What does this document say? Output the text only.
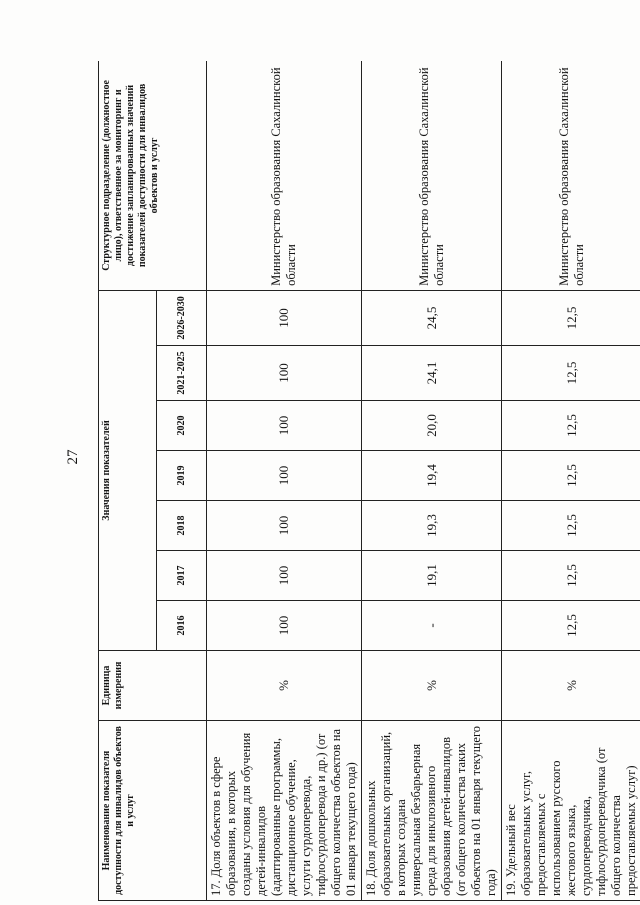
27
Наименование показателя доступности для инвалидов объектов и услуг	Единица измерения	Значения показателей							Структурное подразделение (должностное лицо), ответственное за мониторинг и достижение запланированных значений показателей доступности для инвалидов объектов и услуг
		2016	2017	2018	2019	2020	2021-2025	2026-2030	
17. Доля объектов в сфере образования, в которых созданы условия для обучения детей-инвалидов (адаптированные программы, дистанционное обучение, услуги сурдоперевода, тифлосурдоперевода и др.) (от общего количества объектов на 01 января текущего года)	%	100	100	100	100	100	100	100	Министерство образования Сахалинской области
18. Доля дошкольных образовательных организаций, в которых создана универсальная безбарьерная среда для инклюзивного образования детей-инвалидов (от общего количества таких объектов на 01 января текущего года)	%	-	19,1	19,3	19,4	20,0	24,1	24,5	Министерство образования Сахалинской области
19. Удельный вес образовательных услуг, предоставляемых с использованием русского жестового языка, сурдопереводчика, тифлосурдопереводчика (от общего количества предоставляемых услуг)	%	12,5	12,5	12,5	12,5	12,5	12,5	12,5	Министерство образования Сахалинской области
